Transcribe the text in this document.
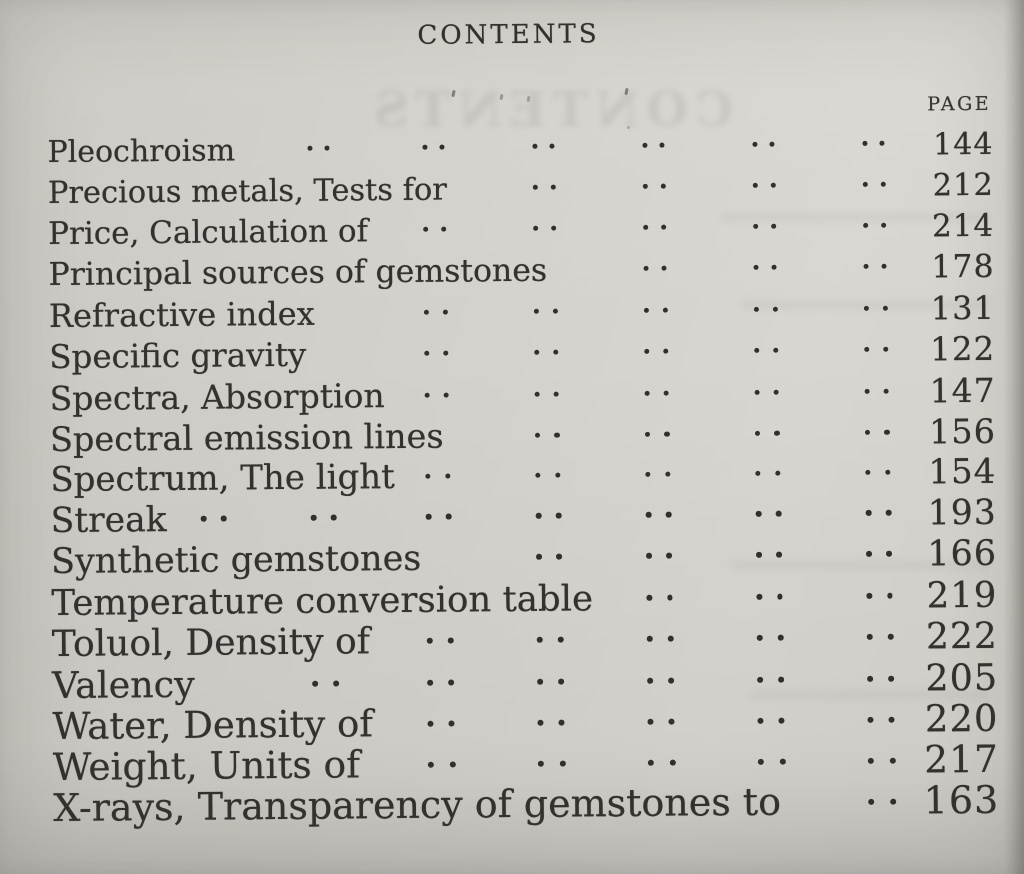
CONTENTS
CONTENTS
PAGE
Pleochroism	144
Precious metals, Tests for	212
Price, Calculation of	214
Principal sources of gemstones	178
Refractive index	131
Specific gravity	122
Spectra, Absorption	147
Spectral emission lines	156
Spectrum, The light	154
Streak	193
Synthetic gemstones	166
Temperature conversion table	219
Toluol, Density of	222
Valency	205
Water, Density of	220
Weight, Units of	217
X-rays, Transparency of gemstones to	163
